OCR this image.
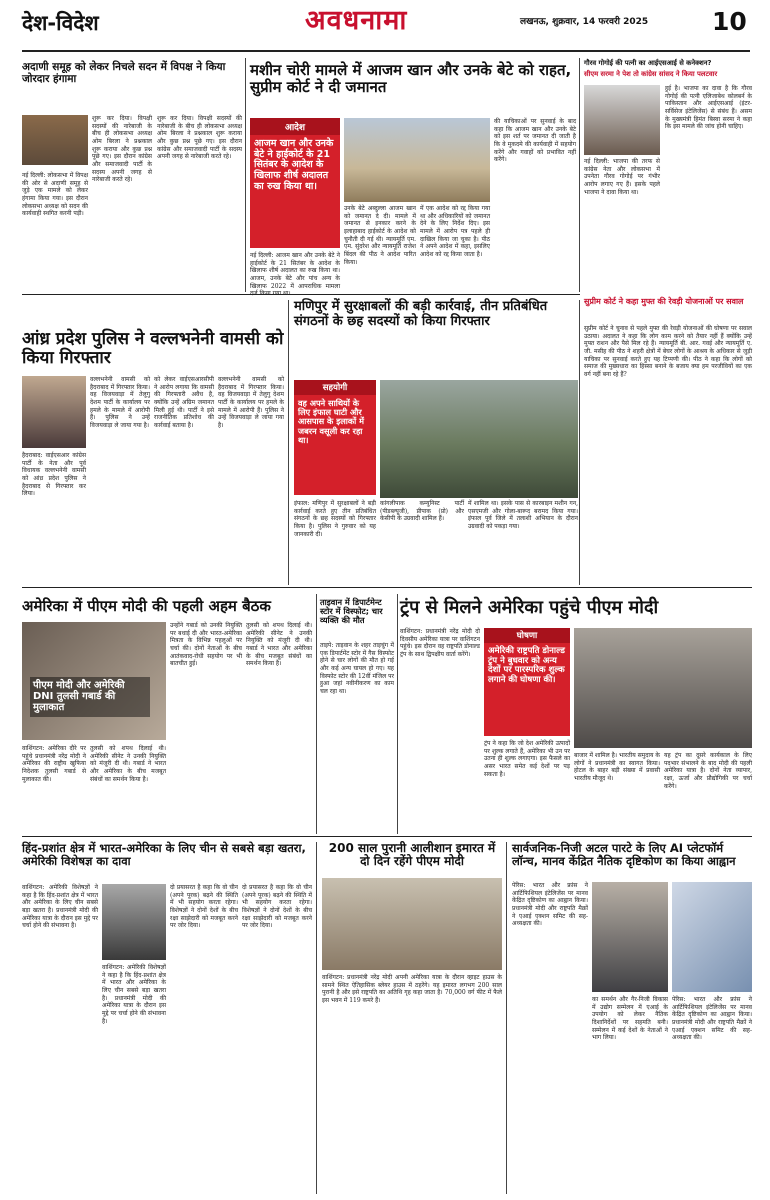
देश-विदेश	अवधनामा	लखनऊ, शुक्रवार, 14 फरवरी 2025	10
अदाणी समूह को लेकर निचले सदन में विपक्ष ने किया जोरदार हंगामा
नई दिल्ली: लोकसभा में विपक्ष की ओर से अदाणी समूह से जुड़े एक मामले को लेकर हंगामा किया गया। इस दौरान लोकसभा अध्यक्ष को सदन की कार्यवाही स्थगित करनी पड़ी।
शुरू कर दिया। विपक्षी सदस्यों की नारेबाजी के बीच ही लोकसभा अध्यक्ष ओम बिरला ने प्रश्नकाल शुरू कराया और कुछ प्रश्न पूछे गए। इस दौरान कांग्रेस और समाजवादी पार्टी के सदस्य अपनी जगह से नारेबाजी करते रहे।
शुरू कर दिया। विपक्षी सदस्यों की नारेबाजी के बीच ही लोकसभा अध्यक्ष ओम बिरला ने प्रश्नकाल शुरू कराया और कुछ प्रश्न पूछे गए। इस दौरान कांग्रेस और समाजवादी पार्टी के सदस्य अपनी जगह से नारेबाजी करते रहे।
मशीन चोरी मामले में आजम खान और उनके बेटे को राहत, सुप्रीम कोर्ट ने दी जमानत
आदेश
आजम खान और उनके बेटे ने हाईकोर्ट के 21 सितंबर के आदेश के खिलाफ शीर्ष अदालत का रुख किया था।
नई दिल्ली: आजम खान और उनके बेटे ने हाईकोर्ट के 21 सितंबर के आदेश के खिलाफ शीर्ष अदालत का रुख किया था। आजम, उनके बेटे और पांच अन्य के खिलाफ 2022 में आपराधिक मामला
उनके बेटे अब्दुल्ला आजम खान को जमानत दे दी। मामले में जमानत से इनकार करने के इलाहाबाद हाईकोर्ट के आदेश को चुनौती दी गई थी। न्यायमूर्ति एम. एम. सुंदरेश और न्यायमूर्ति राजेश बिंदल की पीठ ने आदेश पारित किया।
में एक आदेश को रद्द किया गया था और अधिकारियों को जमानत देने के लिए निर्देश दिए। इस मामले में आरोप पत्र पहले ही दाखिल किया जा चुका है। पीठ ने अपने आदेश में कहा, इसलिए आदेश को रद्द किया जाता है।
की याचिकाओं पर सुनवाई के बाद कहा कि आजम खान और उनके बेटे को इस शर्त पर जमानत दी जाती है कि वे मुकदमे की कार्यवाही में सहयोग करेंगे और गवाहों को प्रभावित नहीं करेंगे।
गौरव गोगोई की पत्नी का आईएसआई से कनेक्शन?
सीएम सरमा ने पेश तो कांग्रेस सांसद ने किया पलटवार
नई दिल्ली: भाजपा की तरफ से कांग्रेस नेता और लोकसभा में उपनेता गौरव गोगोई पर गंभीर आरोप लगाए गए हैं। इसके पहले भाजपा ने दावा किया था।
हुई है। भाजपा का दावा है कि गौरव गोगोई की पत्नी एलिजाबेथ कोलबर्न के पाकिस्तान और आईएसआई (इंटर-सर्विसेज इंटेलिजेंस) से संबंध हैं। असम के मुख्यमंत्री हिमंत बिस्वा सरमा ने कहा कि इस मामले की जांच होनी चाहिए।
आंध्र प्रदेश पुलिस ने वल्लभनेनी वामसी को किया गिरफ्तार
हैदराबाद: वाईएसआर कांग्रेस पार्टी के नेता और पूर्व विधायक वल्लभनेनी वामसी को आंध्र प्रदेश पुलिस ने हैदराबाद से गिरफ्तार कर लिया।
वल्लभनेनी वामसी को हैदराबाद में गिरफ्तार किया। वह विजयवाड़ा में तेलुगु देशम पार्टी के कार्यालय पर हमले के मामले में आरोपी हैं। पुलिस ने उन्हें विजयवाड़ा ले जाया गया है।
को लेकर वाईएसआरसीपी ने आरोप लगाया कि वामसी की गिरफ्तारी अवैध है, क्योंकि उन्हें अग्रिम जमानत मिली हुई थी। पार्टी ने इसे राजनीतिक प्रतिशोध की कार्रवाई बताया है।
वल्लभनेनी वामसी को हैदराबाद में गिरफ्तार किया। वह विजयवाड़ा में तेलुगु देशम पार्टी के कार्यालय पर हमले के मामले में आरोपी हैं। पुलिस ने उन्हें विजयवाड़ा ले जाया गया है।
मणिपुर में सुरक्षाबलों की बड़ी कार्रवाई, तीन प्रतिबंधित संगठनों के छह सदस्यों को किया गिरफ्तार
सहयोगी
वह अपने साथियों के लिए इंफाल घाटी और आसपास के इलाकों में जबरन वसूली कर रहा था।
इंफाल: मणिपुर में सुरक्षाबलों ने बड़ी कार्रवाई करते हुए तीन प्रतिबंधित संगठनों के छह सदस्यों को गिरफ्तार किया है। पुलिस ने गुरुवार को यह जानकारी दी।
कांगलीपाक कम्युनिस्ट पार्टी (पीडब्ल्यूजी), प्रीपाक (प्रो) और केसीपी के उग्रवादी शामिल हैं।
में शामिल था। इसके पास से कारबाइन मशीन गन, एसएमजी और गोला-बारूद बरामद किया गया। इंफाल पूर्व जिले में तलाशी अभियान के दौरान उग्रवादी को पकड़ा गया।
सुप्रीम कोर्ट ने कहा मुफ्त की रेवड़ी योजनाओं पर सवाल
सुप्रीम कोर्ट ने चुनाव से पहले मुफ्त की रेवड़ी योजनाओं की घोषणा पर सवाल उठाया। अदालत ने कहा कि लोग काम करने को तैयार नहीं हैं क्योंकि उन्हें मुफ्त राशन और पैसे मिल रहे हैं। न्यायमूर्ति बी. आर. गवई और न्यायमूर्ति ए. जी. मसीह की पीठ ने शहरी क्षेत्रों में बेघर लोगों के आश्रय के अधिकार से जुड़ी याचिका पर सुनवाई करते हुए यह टिप्पणी की। पीठ ने कहा कि लोगों को समाज की मुख्यधारा का हिस्सा बनाने के बजाय क्या हम परजीवियों का एक वर्ग नहीं बना रहे हैं?
अमेरिका में पीएम मोदी की पहली अहम बैठक
पीएम मोदी और अमेरिकी DNI तुलसी गबार्ड की मुलाकात
वाशिंगटन: अमेरिका दौरे पर पहुंचे प्रधानमंत्री नरेंद्र मोदी ने अमेरिका की राष्ट्रीय खुफिया निदेशक तुलसी गबार्ड से मुलाकात की।
तुलसी को शपथ दिलाई थी। अमेरिकी सीनेट ने उनकी नियुक्ति को मंजूरी दी थी। गबार्ड ने भारत और अमेरिका के बीच मजबूत संबंधों का समर्थन किया है।
उन्होंने गबार्ड को उनकी नियुक्ति पर बधाई दी और भारत-अमेरिका मित्रता के विभिन्न पहलुओं पर चर्चा की। दोनों नेताओं के बीच आतंकवाद-रोधी सहयोग पर भी बातचीत हुई।
तुलसी को शपथ दिलाई थी। अमेरिकी सीनेट ने उनकी नियुक्ति को मंजूरी दी थी। गबार्ड ने भारत और अमेरिका के बीच मजबूत संबंधों का समर्थन किया है।
ताइवान में डिपार्टमेन्ट स्टोर में विस्फोट; चार व्यक्ति की मौत
ताइपे: ताइवान के शहर ताइचुंग में एक डिपार्टमेंट स्टोर में गैस विस्फोट होने से चार लोगों की मौत हो गई और कई अन्य घायल हो गए। यह विस्फोट स्टोर की 12वीं मंजिल पर हुआ जहां नवीनीकरण का काम चल रहा था।
ट्रंप से मिलने अमेरिका पहुंचे पीएम मोदी
वाशिंगटन: प्रधानमंत्री नरेंद्र मोदी दो दिवसीय अमेरिका यात्रा पर वाशिंगटन पहुंचे। इस दौरान वह राष्ट्रपति डोनाल्ड ट्रंप के साथ द्विपक्षीय वार्ता करेंगे।
घोषणा
अमेरिकी राष्ट्रपति डोनाल्ड ट्रंप ने बुधवार को अन्य देशों पर पारस्परिक शुल्क लगाने की घोषणा की।
ट्रंप ने कहा कि जो देश अमेरिकी उत्पादों पर शुल्क लगाते हैं, अमेरिका भी उन पर उतना ही शुल्क लगाएगा। इस फैसले का असर भारत समेत कई देशों पर पड़ सकता है।
बाजार में शामिल है। भारतीय समुदाय के लोगों ने प्रधानमंत्री का स्वागत किया। होटल के बाहर बड़ी संख्या में प्रवासी भारतीय मौजूद थे।
यह ट्रंप का दूसरे कार्यकाल के लिए पदभार संभालने के बाद मोदी की पहली अमेरिका यात्रा है। दोनों नेता व्यापार, रक्षा, ऊर्जा और प्रौद्योगिकी पर चर्चा करेंगे।
हिंद-प्रशांत क्षेत्र में भारत-अमेरिका के लिए चीन से सबसे बड़ा खतरा, अमेरिकी विशेषज्ञ का दावा
वाशिंगटन: अमेरिकी विशेषज्ञों ने कहा है कि हिंद-प्रशांत क्षेत्र में भारत और अमेरिका के लिए चीन सबसे बड़ा खतरा है। प्रधानमंत्री मोदी की अमेरिका यात्रा के दौरान इस मुद्दे पर चर्चा होने की संभावना है।
वाशिंगटन: अमेरिकी विशेषज्ञों ने कहा है कि हिंद-प्रशांत क्षेत्र में भारत और अमेरिका के लिए चीन सबसे बड़ा खतरा है। प्रधानमंत्री मोदी की अमेरिका यात्रा के दौरान इस मुद्दे पर चर्चा होने की संभावना है।
दो प्रयासरत है कहा कि वो चीन (अपने पूरक) बढ़ने की स्थिति में भी सहयोग करता रहेगा। विशेषज्ञों ने दोनों देशों के बीच रक्षा साझेदारी को मजबूत करने पर जोर दिया।
दो प्रयासरत है कहा कि वो चीन (अपने पूरक) बढ़ने की स्थिति में भी सहयोग करता रहेगा। विशेषज्ञों ने दोनों देशों के बीच रक्षा साझेदारी को मजबूत करने पर जोर दिया।
200 साल पुरानी आलीशान इमारत में दो दिन रहेंगे पीएम मोदी
वाशिंगटन: प्रधानमंत्री नरेंद्र मोदी अपनी अमेरिका यात्रा के दौरान व्हाइट हाउस के सामने स्थित ऐतिहासिक ब्लेयर हाउस में ठहरेंगे। यह इमारत लगभग 200 साल पुरानी है और इसे राष्ट्रपति का अतिथि गृह कहा जाता है। 70,000 वर्ग फीट में फैले इस भवन में 119 कमरे हैं।
सार्वजनिक-निजी अटल पारटे के लिए AI प्लेटफॉर्म लॉन्च, मानव केंद्रित नैतिक दृष्टिकोण का किया आह्वान
पेरिस: भारत और फ्रांस ने आर्टिफिशियल इंटेलिजेंस पर मानव केंद्रित दृष्टिकोण का आह्वान किया। प्रधानमंत्री मोदी और राष्ट्रपति मैक्रों ने एआई एक्शन समिट की सह-अध्यक्षता की।
का समर्थन और गैर-निजी विकास में उद्योग सम्मेलन में एआई के उपयोग को लेकर नैतिक दिशानिर्देशों पर सहमति बनी। सम्मेलन में कई देशों के नेताओं ने भाग लिया।
पेरिस: भारत और फ्रांस ने आर्टिफिशियल इंटेलिजेंस पर मानव केंद्रित दृष्टिकोण का आह्वान किया। प्रधानमंत्री मोदी और राष्ट्रपति मैक्रों ने एआई एक्शन समिट की सह-अध्यक्षता की।
